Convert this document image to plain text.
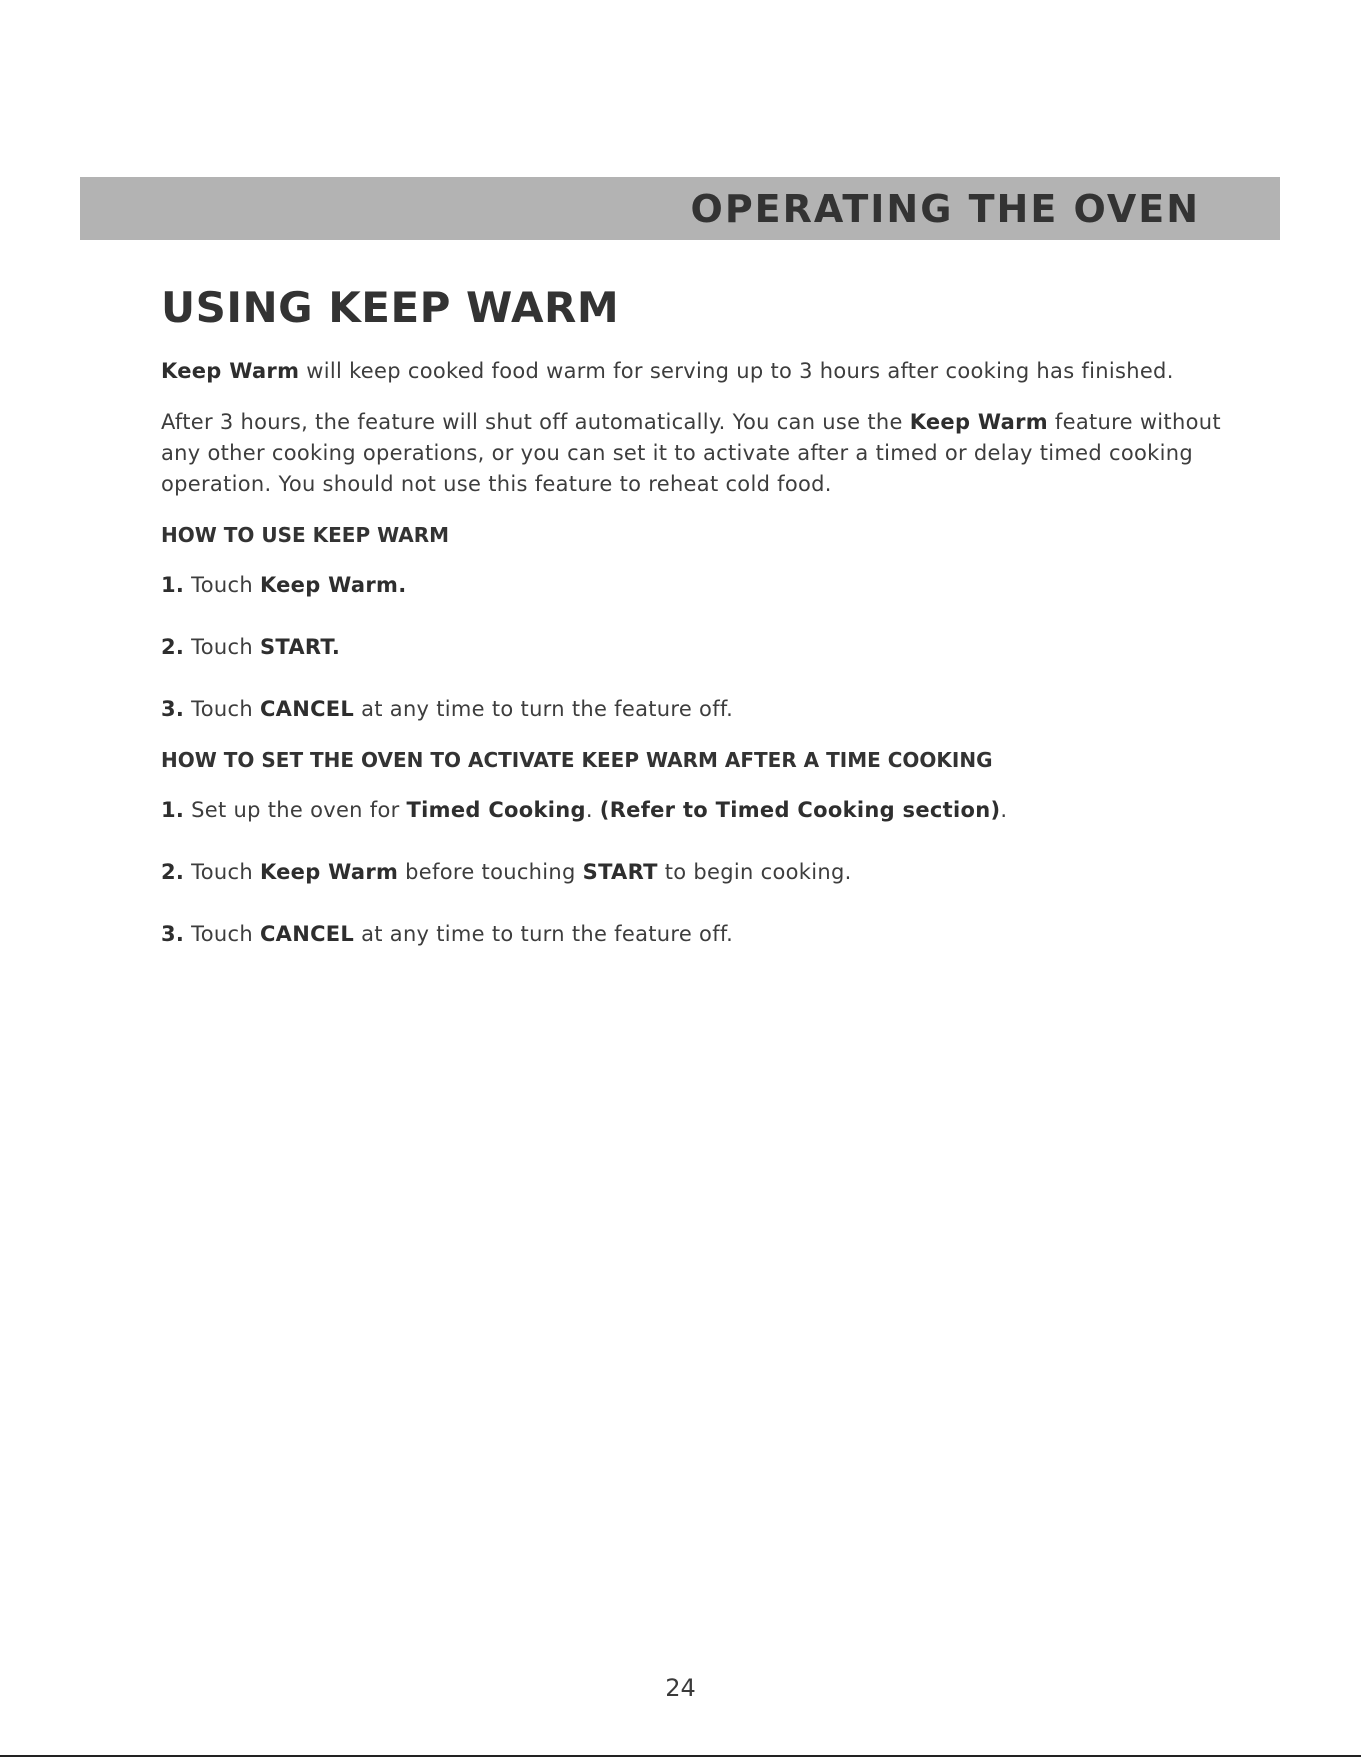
OPERATING THE OVEN
USING KEEP WARM

Keep Warm will keep cooked food warm for serving up to 3 hours after cooking has finished.

After 3 hours, the feature will shut off automatically. You can use the Keep Warm feature without any other cooking operations, or you can set it to activate after a timed or delay timed cooking operation. You should not use this feature to reheat cold food.

HOW TO USE KEEP WARM
1. Touch Keep Warm.
2. Touch START.
3. Touch CANCEL at any time to turn the feature off.
HOW TO SET THE OVEN TO ACTIVATE KEEP WARM AFTER A TIME COOKING
1. Set up the oven for Timed Cooking. (Refer to Timed Cooking section).
2. Touch Keep Warm before touching START to begin cooking.
3. Touch CANCEL at any time to turn the feature off.
24
